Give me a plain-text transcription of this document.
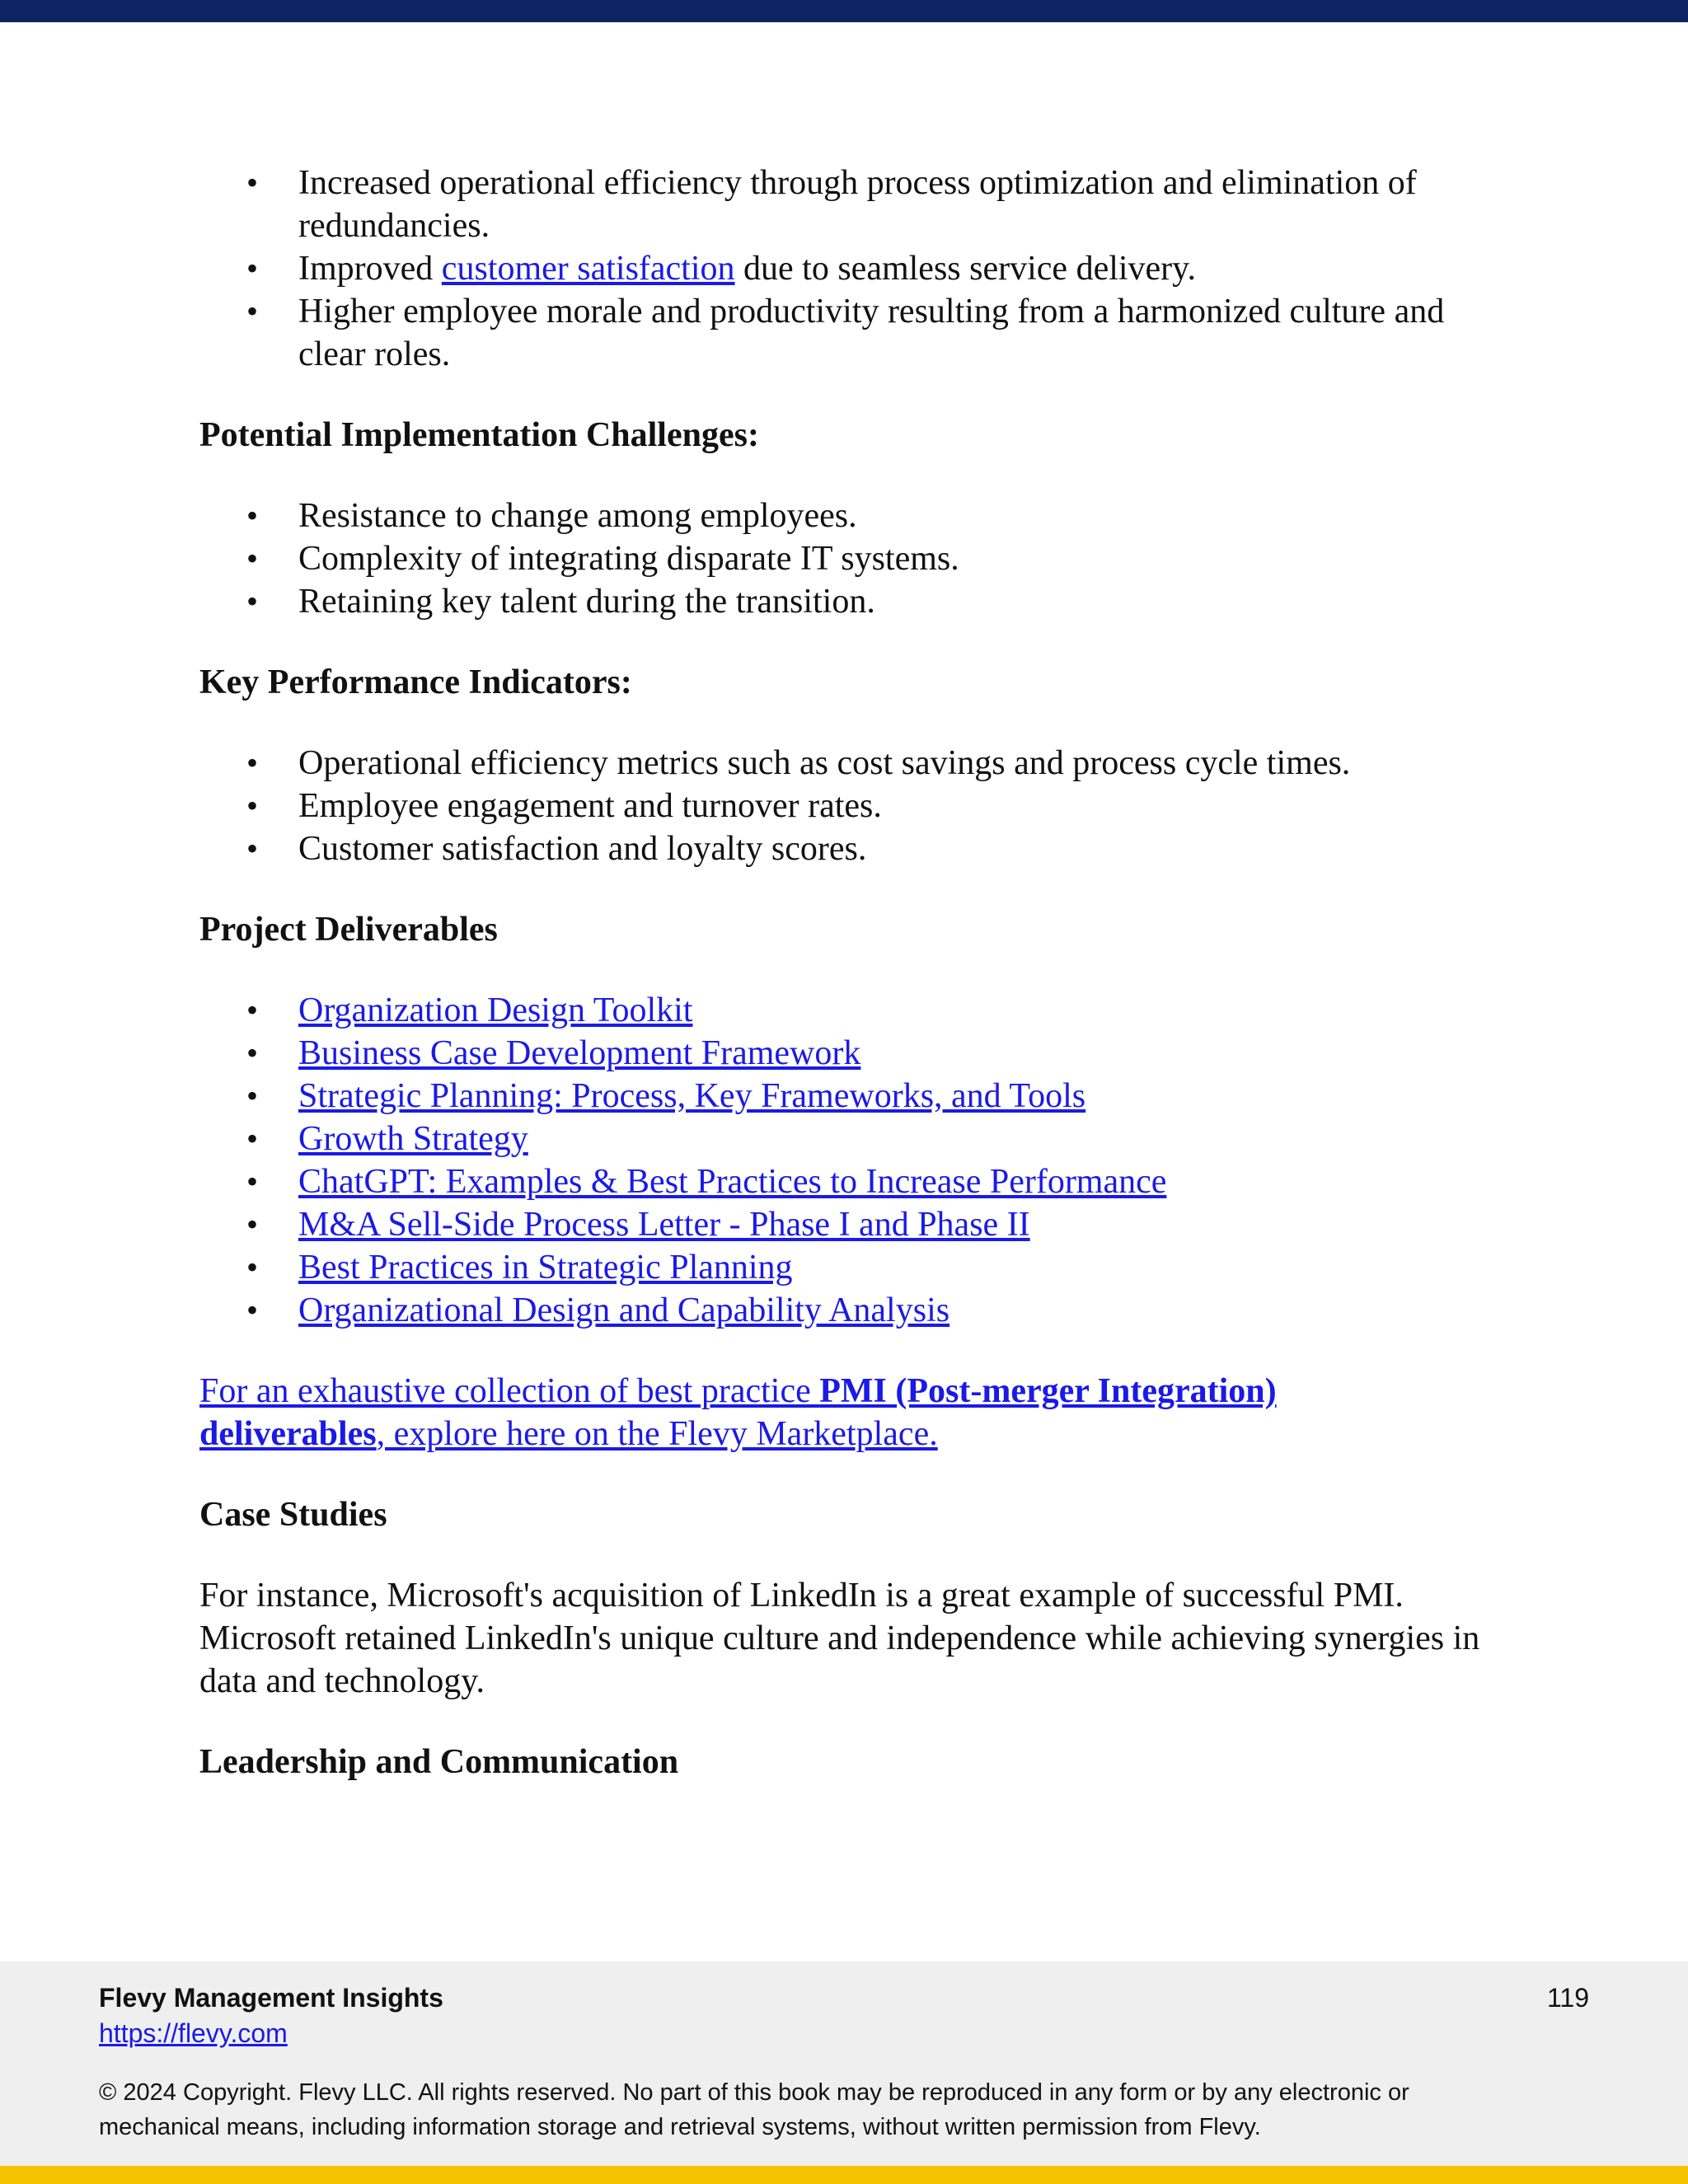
• Increased operational efficiency through process optimization and elimination of redundancies.
• Improved customer satisfaction due to seamless service delivery.
• Higher employee morale and productivity resulting from a harmonized culture and clear roles.
Potential Implementation Challenges:
• Resistance to change among employees.
• Complexity of integrating disparate IT systems.
• Retaining key talent during the transition.
Key Performance Indicators:
• Operational efficiency metrics such as cost savings and process cycle times.
• Employee engagement and turnover rates.
• Customer satisfaction and loyalty scores.
Project Deliverables
• Organization Design Toolkit
• Business Case Development Framework
• Strategic Planning: Process, Key Frameworks, and Tools
• Growth Strategy
• ChatGPT: Examples & Best Practices to Increase Performance
• M&A Sell-Side Process Letter - Phase I and Phase II
• Best Practices in Strategic Planning
• Organizational Design and Capability Analysis

For an exhaustive collection of best practice PMI (Post-merger Integration) deliverables, explore here on the Flevy Marketplace.

Case Studies

For instance, Microsoft's acquisition of LinkedIn is a great example of successful PMI. Microsoft retained LinkedIn's unique culture and independence while achieving synergies in data and technology.

Leadership and Communication
Flevy Management Insights
https://flevy.com
119
© 2024 Copyright. Flevy LLC. All rights reserved. No part of this book may be reproduced in any form or by any electronic or mechanical means, including information storage and retrieval systems, without written permission from Flevy.
